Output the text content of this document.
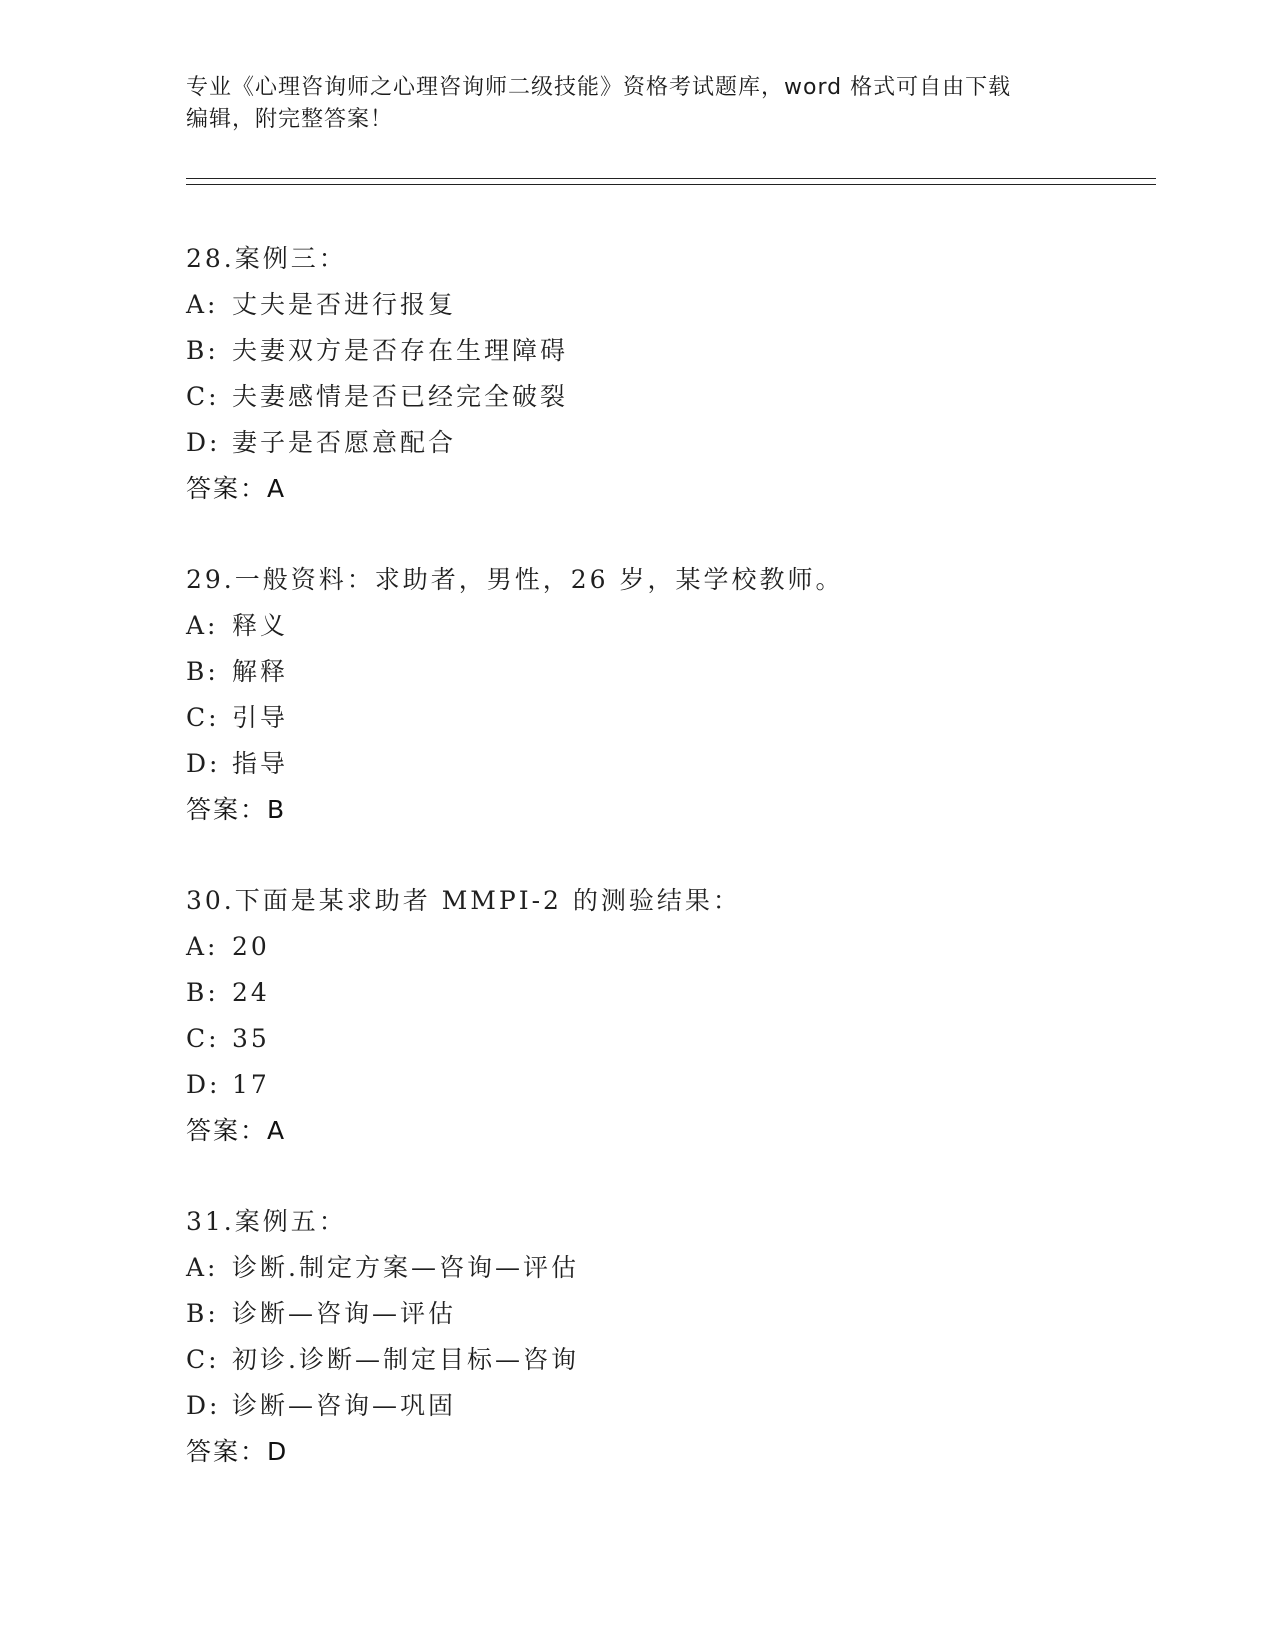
专业《心理咨询师之心理咨询师二级技能》资格考试题库，word 格式可自由下载
编辑，附完整答案！
28.案例三：
A: 丈夫是否进行报复
B: 夫妻双方是否存在生理障碍
C: 夫妻感情是否已经完全破裂
D: 妻子是否愿意配合
答案：A
29.一般资料：求助者，男性，26 岁，某学校教师。
A: 释义
B: 解释
C: 引导
D: 指导
答案：B
30.下面是某求助者 MMPI-2 的测验结果：
A: 20
B: 24
C: 35
D: 17
答案：A
31.案例五：
A: 诊断.制定方案—咨询—评估
B: 诊断—咨询—评估
C: 初诊.诊断—制定目标—咨询
D: 诊断—咨询—巩固
答案：D
